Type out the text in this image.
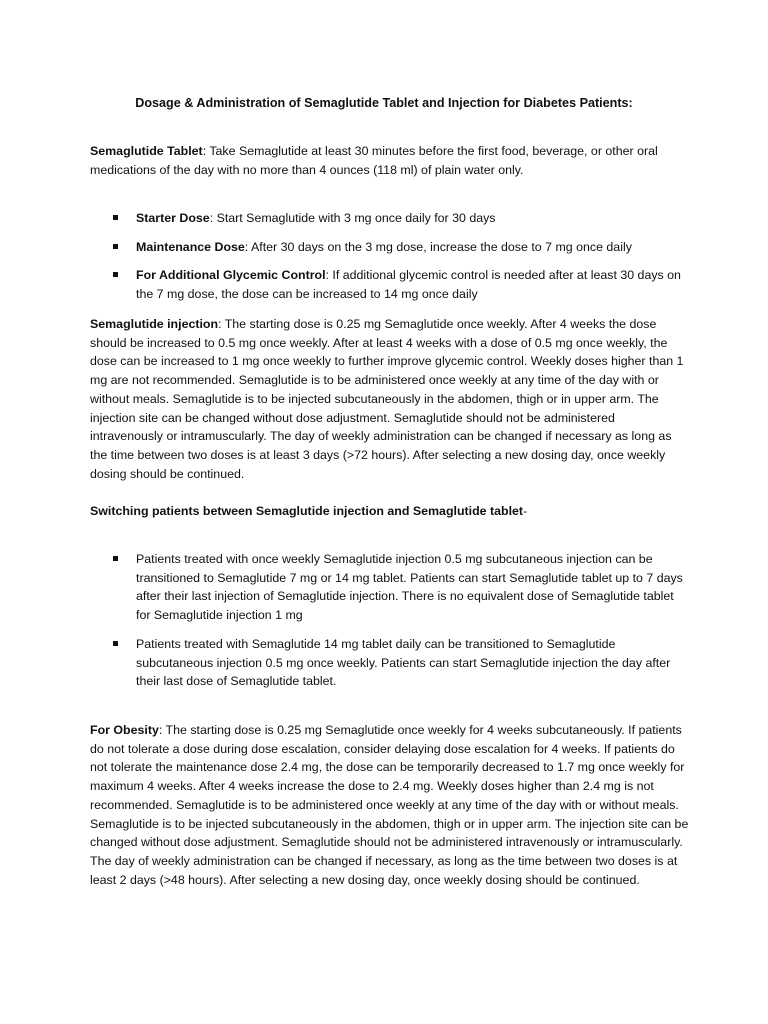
Dosage & Administration of Semaglutide Tablet and Injection for Diabetes Patients:

Semaglutide Tablet: Take Semaglutide at least 30 minutes before the first food, beverage, or other oral medications of the day with no more than 4 ounces (118 ml) of plain water only.

Starter Dose: Start Semaglutide with 3 mg once daily for 30 days
Maintenance Dose: After 30 days on the 3 mg dose, increase the dose to 7 mg once daily
For Additional Glycemic Control: If additional glycemic control is needed after at least 30 days on the 7 mg dose, the dose can be increased to 14 mg once daily

Semaglutide injection: The starting dose is 0.25 mg Semaglutide once weekly. After 4 weeks the dose should be increased to 0.5 mg once weekly. After at least 4 weeks with a dose of 0.5 mg once weekly, the dose can be increased to 1 mg once weekly to further improve glycemic control. Weekly doses higher than 1 mg are not recommended. Semaglutide is to be administered once weekly at any time of the day with or without meals. Semaglutide is to be injected subcutaneously in the abdomen, thigh or in upper arm. The injection site can be changed without dose adjustment. Semaglutide should not be administered intravenously or intramuscularly. The day of weekly administration can be changed if necessary as long as the time between two doses is at least 3 days (>72 hours). After selecting a new dosing day, once weekly dosing should be continued.

Switching patients between Semaglutide injection and Semaglutide tablet-

Patients treated with once weekly Semaglutide injection 0.5 mg subcutaneous injection can be transitioned to Semaglutide 7 mg or 14 mg tablet. Patients can start Semaglutide tablet up to 7 days after their last injection of Semaglutide injection. There is no equivalent dose of Semaglutide tablet for Semaglutide injection 1 mg
Patients treated with Semaglutide 14 mg tablet daily can be transitioned to Semaglutide subcutaneous injection 0.5 mg once weekly. Patients can start Semaglutide injection the day after their last dose of Semaglutide tablet.

For Obesity: The starting dose is 0.25 mg Semaglutide once weekly for 4 weeks subcutaneously. If patients do not tolerate a dose during dose escalation, consider delaying dose escalation for 4 weeks. If patients do not tolerate the maintenance dose 2.4 mg, the dose can be temporarily decreased to 1.7 mg once weekly for maximum 4 weeks. After 4 weeks increase the dose to 2.4 mg. Weekly doses higher than 2.4 mg is not recommended. Semaglutide is to be administered once weekly at any time of the day with or without meals. Semaglutide is to be injected subcutaneously in the abdomen, thigh or in upper arm. The injection site can be changed without dose adjustment. Semaglutide should not be administered intravenously or intramuscularly. The day of weekly administration can be changed if necessary, as long as the time between two doses is at least 2 days (>48 hours). After selecting a new dosing day, once weekly dosing should be continued.
